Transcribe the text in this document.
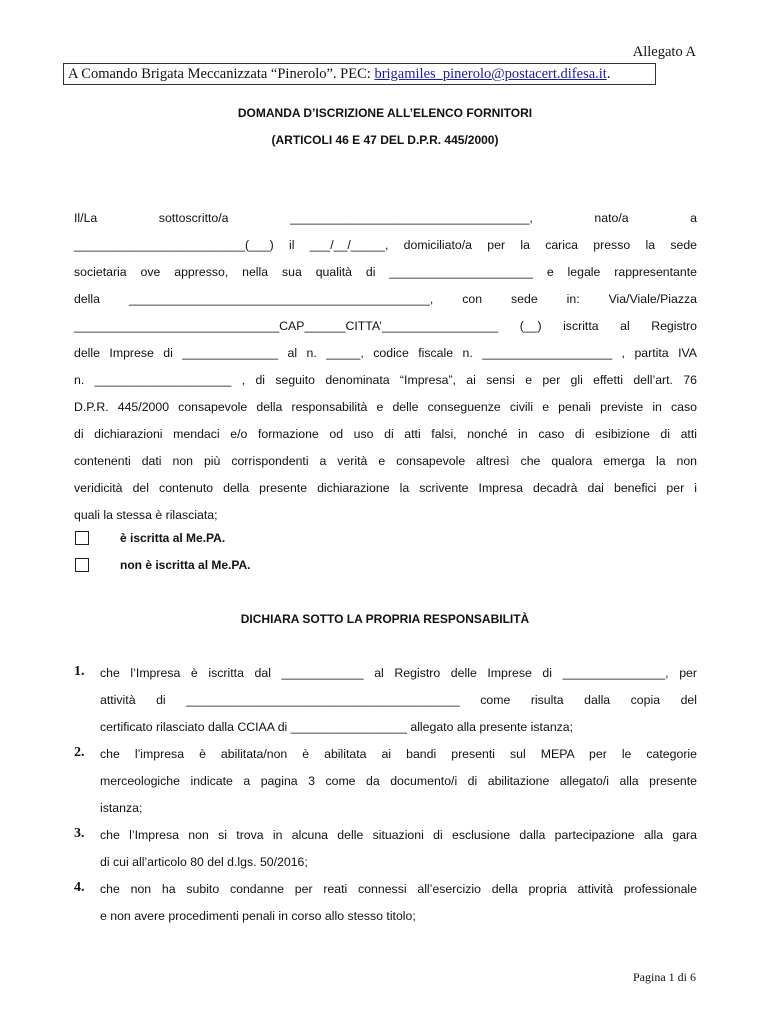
Allegato A
A Comando Brigata Meccanizzata “Pinerolo”. PEC: brigamiles_pinerolo@postacert.difesa.it.
DOMANDA D’ISCRIZIONE ALL’ELENCO FORNITORI
(ARTICOLI 46 E 47 DEL D.P.R. 445/2000)
Il/La sottoscritto/a ___________________________________, nato/a a
_________________________(___) il ___/__/_____, domiciliato/a per la carica presso la sede
societaria ove appresso, nella sua qualità di _____________________ e legale rappresentante
della ____________________________________________, con sede in: Via/Viale/Piazza
______________________________CAP______CITTA’_________________ (__) iscritta al Registro
delle Imprese di ______________ al n. _____, codice fiscale n. ___________________ , partita IVA
n. ____________________ , di seguito denominata “Impresa”, ai sensi e per gli effetti dell’art. 76
D.P.R. 445/2000 consapevole della responsabilità e delle conseguenze civili e penali previste in caso
di dichiarazioni mendaci e/o formazione od uso di atti falsi, nonché in caso di esibizione di atti
contenenti dati non più corrispondenti a verità e consapevole altresì che qualora emerga la non
veridicità del contenuto della presente dichiarazione la scrivente Impresa decadrà dai benefici per i
quali la stessa è rilasciata;
è iscritta al Me.PA.
non è iscritta al Me.PA.
DICHIARA SOTTO LA PROPRIA RESPONSABILITÀ
1. che l’Impresa è iscritta dal ____________ al Registro delle Imprese di _______________, per
attività di ________________________________________ come risulta dalla copia del
certificato rilasciato dalla CCIAA di _________________ allegato alla presente istanza;
2. che l’impresa è abilitata/non è abilitata ai bandi presenti sul MEPA per le categorie
merceologiche indicate a pagina 3 come da documento/i di abilitazione allegato/i alla presente
istanza;
3. che l’Impresa non si trova in alcuna delle situazioni di esclusione dalla partecipazione alla gara
di cui all’articolo 80 del d.lgs. 50/2016;
4. che non ha subito condanne per reati connessi all’esercizio della propria attività professionale
e non avere procedimenti penali in corso allo stesso titolo;
Pagina 1 di 6
